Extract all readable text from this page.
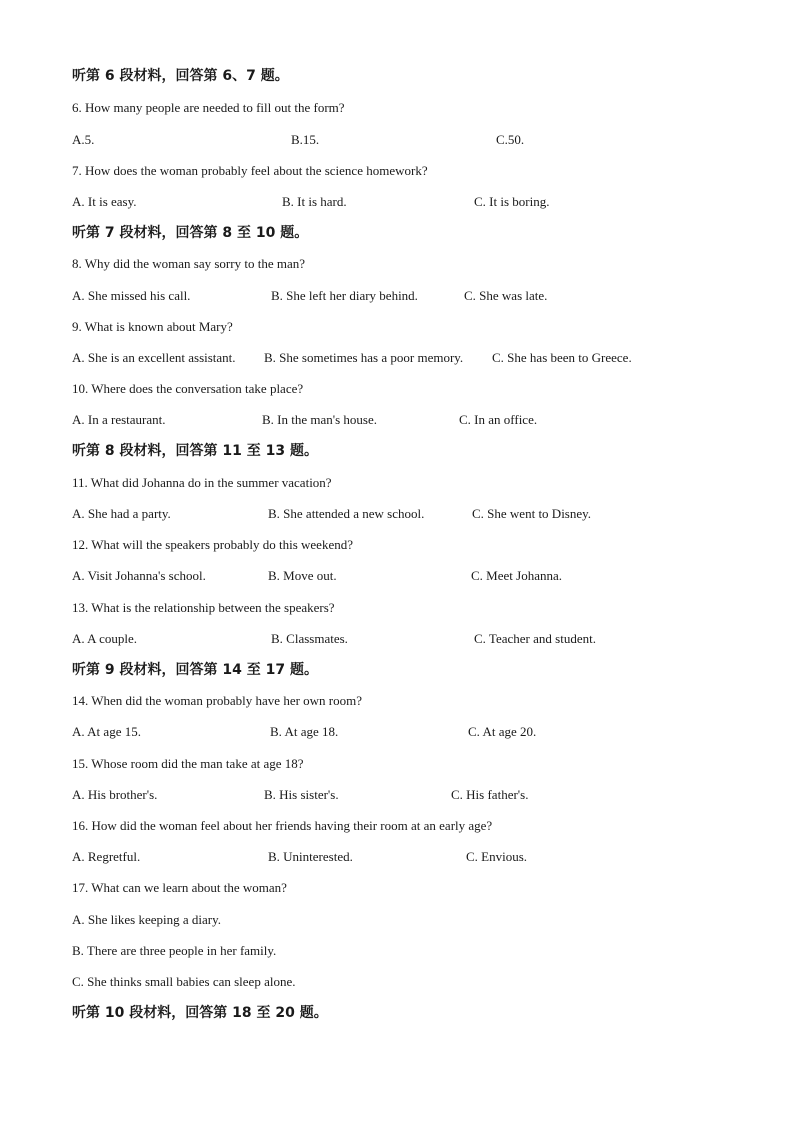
听第 6 段材料，回答第 6、7 题。
6. How many people are needed to fill out the form?
A.5.	B.15.	C.50.
7. How does the woman probably feel about the science homework?
A. It is easy.	B. It is hard.	C. It is boring.
听第 7 段材料，回答第 8 至 10 题。
8. Why did the woman say sorry to the man?
A. She missed his call.	B. She left her diary behind.	C. She was late.
9. What is known about Mary?
A. She is an excellent assistant. B. She sometimes has a poor memory. C. She has been to Greece.
10. Where does the conversation take place?
A. In a restaurant.	B. In the man's house.	C. In an office.
听第 8 段材料，回答第 11 至 13 题。
11. What did Johanna do in the summer vacation?
A. She had a party.	B. She attended a new school.	C. She went to Disney.
12. What will the speakers probably do this weekend?
A. Visit Johanna's school.	B. Move out.	C. Meet Johanna.
13. What is the relationship between the speakers?
A. A couple.	B. Classmates.	C. Teacher and student.
听第 9 段材料，回答第 14 至 17 题。
14. When did the woman probably have her own room?
A. At age 15.	B. At age 18.	C. At age 20.
15. Whose room did the man take at age 18?
A. His brother's.	B. His sister's.	C. His father's.
16. How did the woman feel about her friends having their room at an early age?
A. Regretful.	B. Uninterested.	C. Envious.
17. What can we learn about the woman?
A. She likes keeping a diary.
B. There are three people in her family.
C. She thinks small babies can sleep alone.
听第 10 段材料，回答第 18 至 20 题。
